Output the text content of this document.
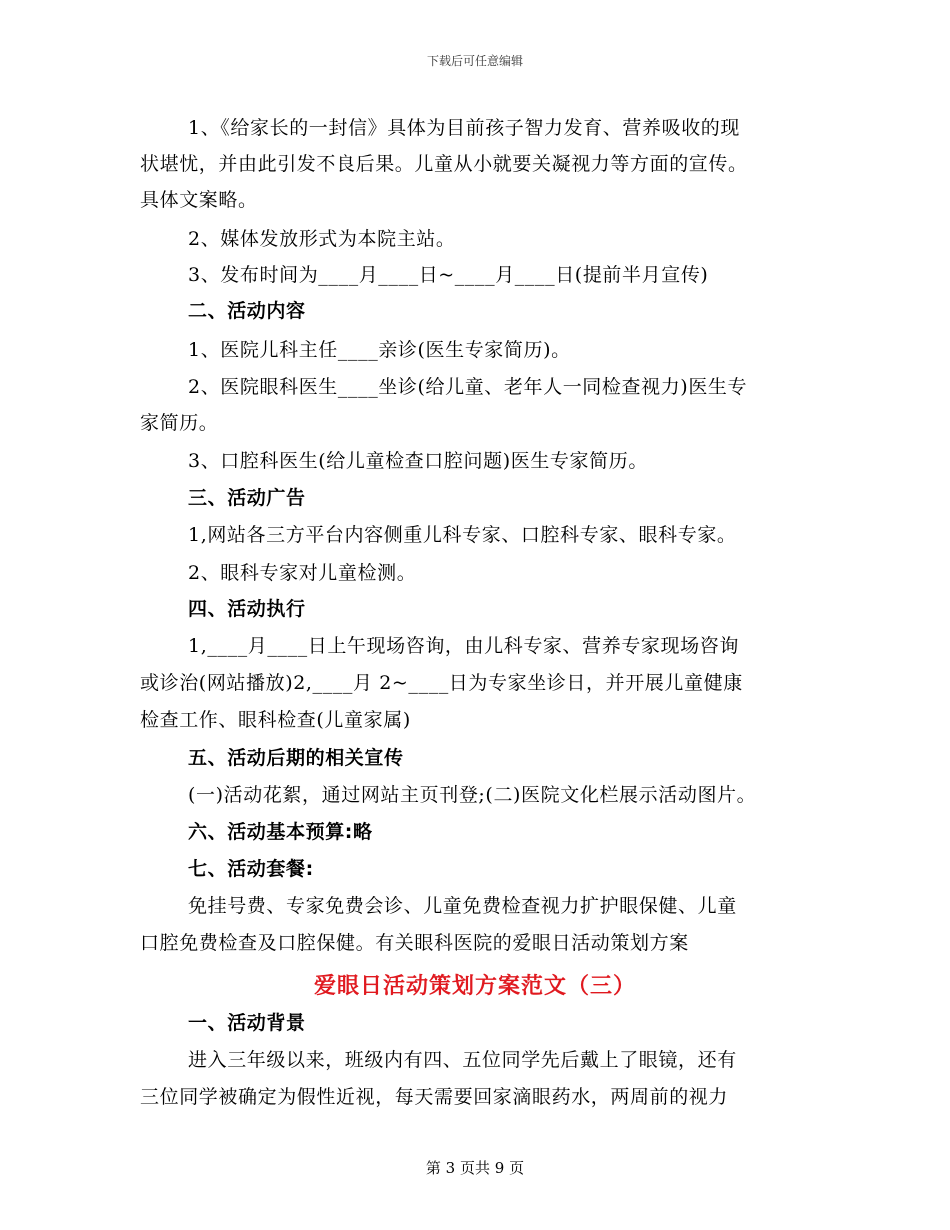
下载后可任意编辑
1、《给家长的一封信》具体为目前孩子智力发育、营养吸收的现
状堪忧，并由此引发不良后果。儿童从小就要关凝视力等方面的宣传。
具体文案略。
2、媒体发放形式为本院主站。
3、发布时间为____月____日~____月____日(提前半月宣传)
二、活动内容
1、医院儿科主任____亲诊(医生专家简历)。
2、医院眼科医生____坐诊(给儿童、老年人一同检查视力)医生专
家简历。
3、口腔科医生(给儿童检查口腔问题)医生专家简历。
三、活动广告
1,网站各三方平台内容侧重儿科专家、口腔科专家、眼科专家。
2、眼科专家对儿童检测。
四、活动执行
1,____月____日上午现场咨询，由儿科专家、营养专家现场咨询
或诊治(网站播放)2,____月 2~____日为专家坐诊日，并开展儿童健康
检查工作、眼科检查(儿童家属)
五、活动后期的相关宣传
(一)活动花絮，通过网站主页刊登;(二)医院文化栏展示活动图片。
六、活动基本预算:略
七、活动套餐:
免挂号费、专家免费会诊、儿童免费检查视力扩护眼保健、儿童
口腔免费检查及口腔保健。有关眼科医院的爱眼日活动策划方案
爱眼日活动策划方案范文（三）
一、活动背景
进入三年级以来，班级内有四、五位同学先后戴上了眼镜，还有
三位同学被确定为假性近视，每天需要回家滴眼药水，两周前的视力
第 3 页共 9 页
